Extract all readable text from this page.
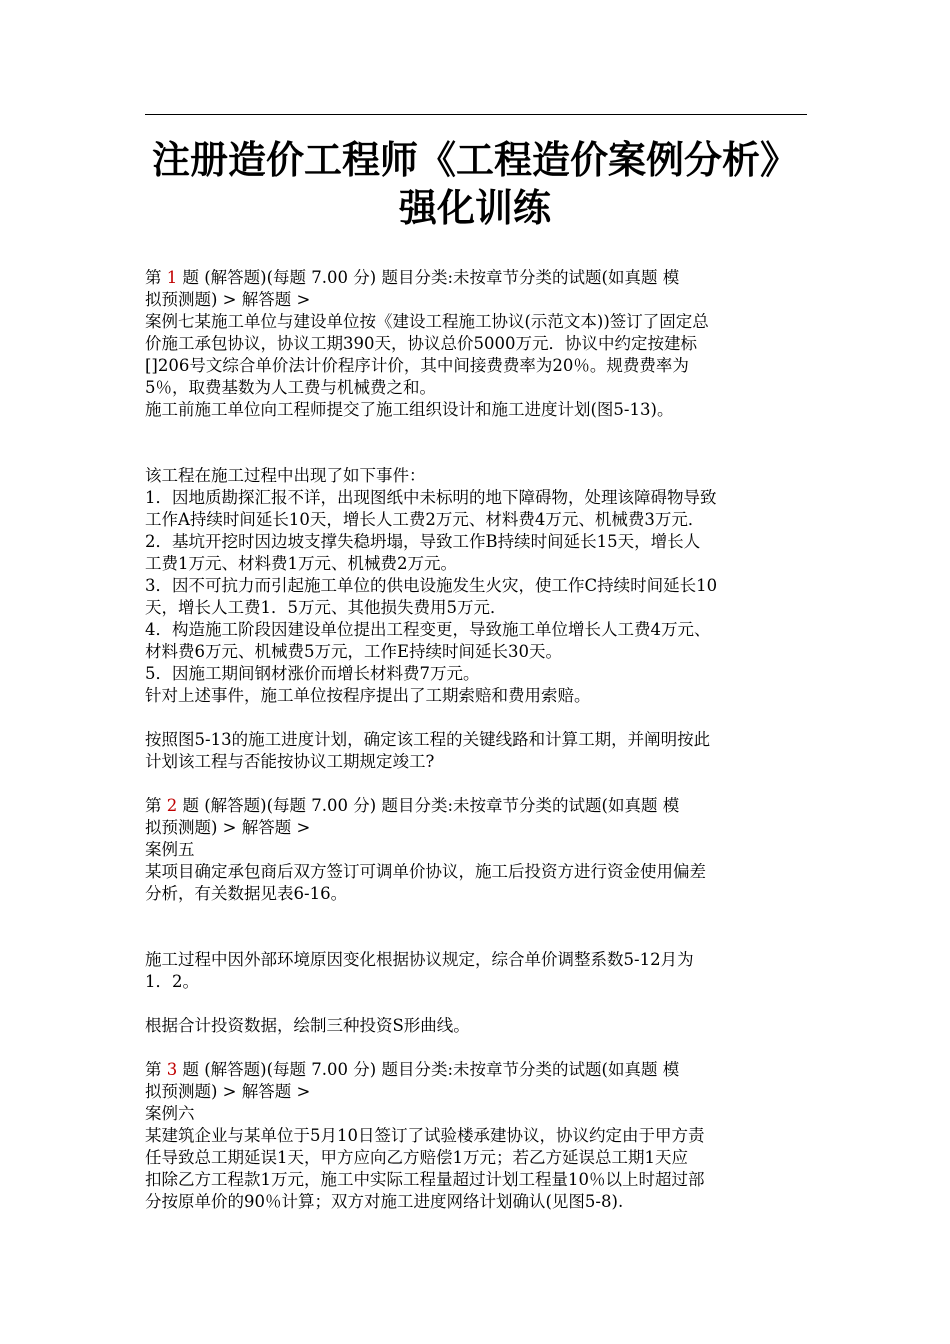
注册造价工程师《工程造价案例分析》
强化训练
第 1 题 (解答题)(每题 7.00 分) 题目分类:未按章节分类的试题(如真题 模
拟预测题) > 解答题 >
案例七某施工单位与建设单位按《建设工程施工协议(示范文本))签订了固定总
价施工承包协议，协议工期390天，协议总价5000万元．协议中约定按建标
[]206号文综合单价法计价程序计价，其中间接费费率为20％。规费费率为
5％，取费基数为人工费与机械费之和。
施工前施工单位向工程师提交了施工组织设计和施工进度计划(图5-13)。
该工程在施工过程中出现了如下事件：
1．因地质勘探汇报不详，出现图纸中未标明的地下障碍物，处理该障碍物导致
工作A持续时间延长10天，增长人工费2万元、材料费4万元、机械费3万元．
2．基坑开挖时因边坡支撑失稳坍塌，导致工作B持续时间延长15天，增长人
工费1万元、材料费1万元、机械费2万元。
3．因不可抗力而引起施工单位的供电设施发生火灾，使工作C持续时间延长10
天，增长人工费1．5万元、其他损失费用5万元．
4．构造施工阶段因建设单位提出工程变更，导致施工单位增长人工费4万元、
材料费6万元、机械费5万元，工作E持续时间延长30天。
5．因施工期间钢材涨价而增长材料费7万元。
针对上述事件，施工单位按程序提出了工期索赔和费用索赔。
按照图5-13的施工进度计划，确定该工程的关键线路和计算工期，并阐明按此
计划该工程与否能按协议工期规定竣工?
第 2 题 (解答题)(每题 7.00 分) 题目分类:未按章节分类的试题(如真题 模
拟预测题) > 解答题 >
案例五
某项目确定承包商后双方签订可调单价协议，施工后投资方进行资金使用偏差
分析，有关数据见表6-16。
施工过程中因外部环境原因变化根据协议规定，综合单价调整系数5-12月为
1．2。
根据合计投资数据，绘制三种投资S形曲线。
第 3 题 (解答题)(每题 7.00 分) 题目分类:未按章节分类的试题(如真题 模
拟预测题) > 解答题 >
案例六
某建筑企业与某单位于5月10日签订了试验楼承建协议，协议约定由于甲方责
任导致总工期延误1天，甲方应向乙方赔偿1万元；若乙方延误总工期1天应
扣除乙方工程款1万元，施工中实际工程量超过计划工程量10％以上时超过部
分按原单价的90％计算；双方对施工进度网络计划确认(见图5-8).
